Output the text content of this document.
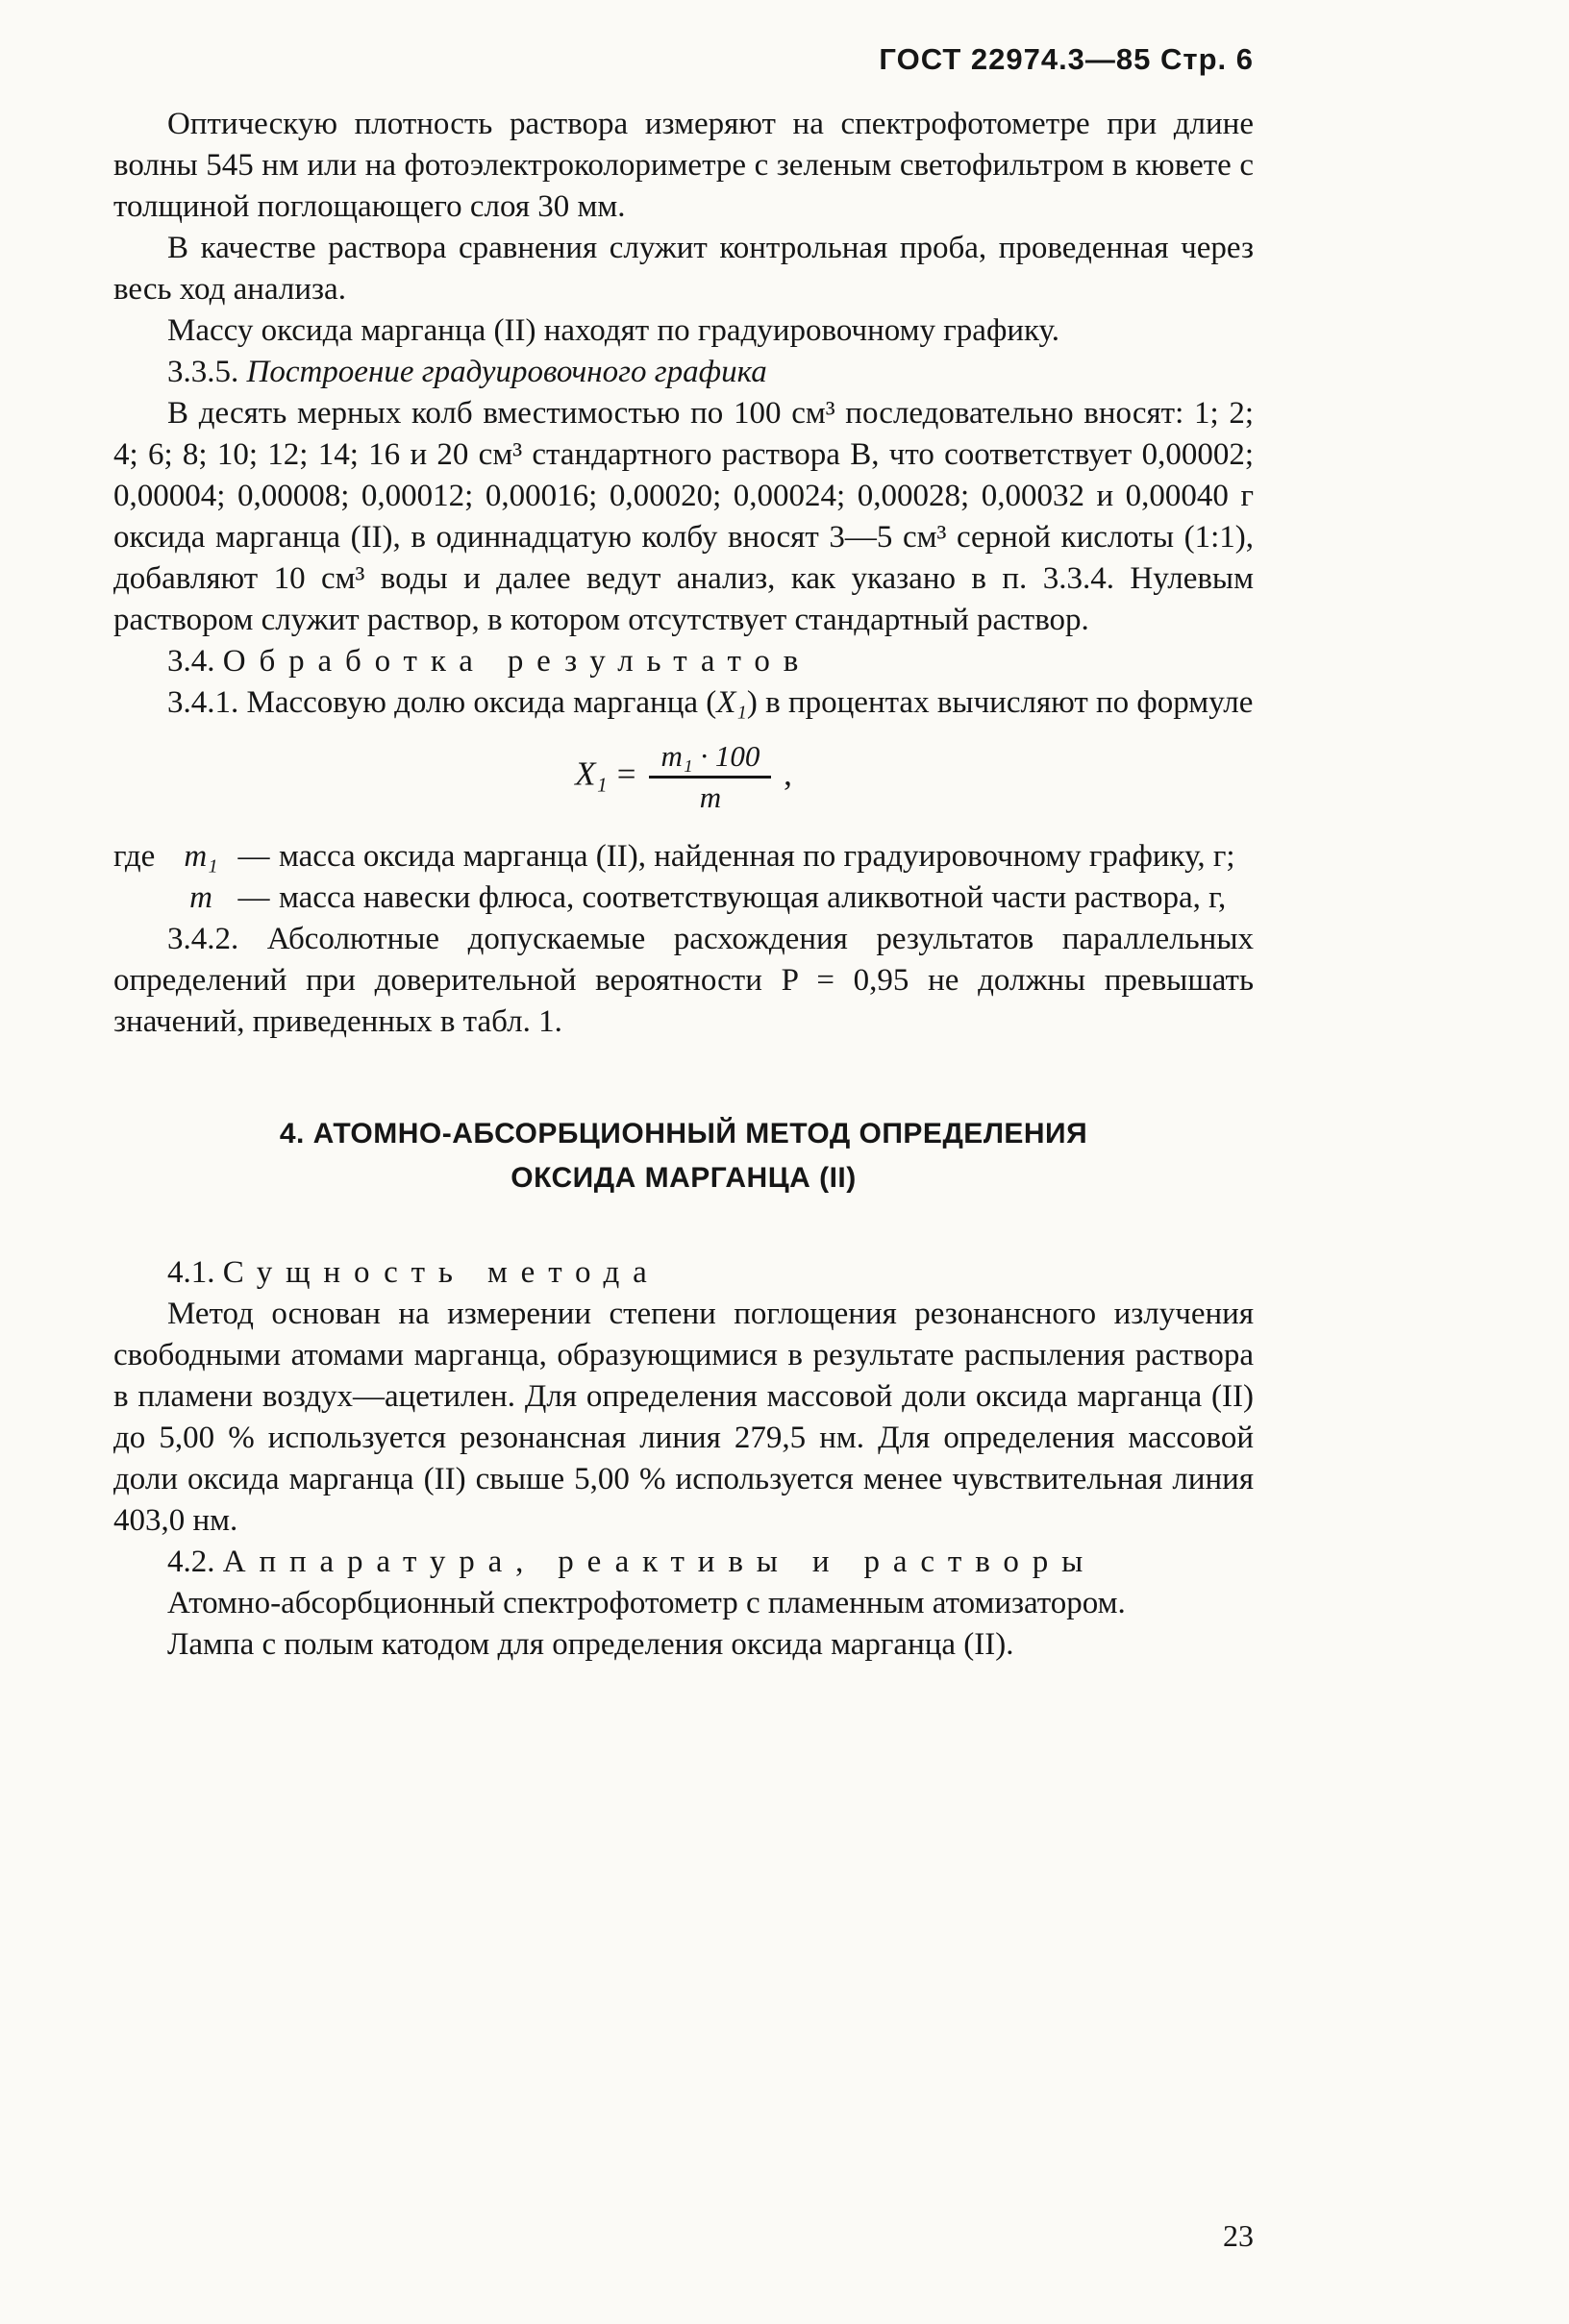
ГОСТ 22974.3—85 Стр. 6

Оптическую плотность раствора измеряют на спектрофотометре при длине волны 545 нм или на фотоэлектроколориметре с зеленым светофильтром в кювете с толщиной поглощающего слоя 30 мм.

В качестве раствора сравнения служит контрольная проба, проведенная через весь ход анализа.

Массу оксида марганца (II) находят по градуировочному графику.

3.3.5. Построение градуировочного графика

В десять мерных колб вместимостью по 100 см³ последовательно вносят: 1; 2; 4; 6; 8; 10; 12; 14; 16 и 20 см³ стандартного раствора В, что соответствует 0,00002; 0,00004; 0,00008; 0,00012; 0,00016; 0,00020; 0,00024; 0,00028; 0,00032 и 0,00040 г оксида марганца (II), в одиннадцатую колбу вносят 3—5 см³ серной кислоты (1:1), добавляют 10 см³ воды и далее ведут анализ, как указано в п. 3.3.4. Нулевым раствором служит раствор, в котором отсутствует стандартный раствор.

3.4. Обработка результатов

3.4.1. Массовую долю оксида марганца (X₁) в процентах вычисляют по формуле

$X_1 = \frac{\text{m₁ · 100}}{m}$ ,
где m₁ — масса оксида марганца (II), найденная по градуировочному графику, г;
m — масса навески флюса, соответствующая аликвотной части раствора, г,

3.4.2. Абсолютные допускаемые расхождения результатов параллельных определений при доверительной вероятности P = 0,95 не должны превышать значений, приведенных в табл. 1.

4. АТОМНО-АБСОРБЦИОННЫЙ МЕТОД ОПРЕДЕЛЕНИЯ
ОКСИДА МАРГАНЦА (II)

4.1. Сущность метода

Метод основан на измерении степени поглощения резонансного излучения свободными атомами марганца, образующимися в результате распыления раствора в пламени воздух—ацетилен. Для определения массовой доли оксида марганца (II) до 5,00 % используется резонансная линия 279,5 нм. Для определения массовой доли оксида марганца (II) свыше 5,00 % используется менее чувствительная линия 403,0 нм.

4.2. Аппаратура, реактивы и растворы

Атомно-абсорбционный спектрофотометр с пламенным атомизатором.

Лампа с полым катодом для определения оксида марганца (II).

23
